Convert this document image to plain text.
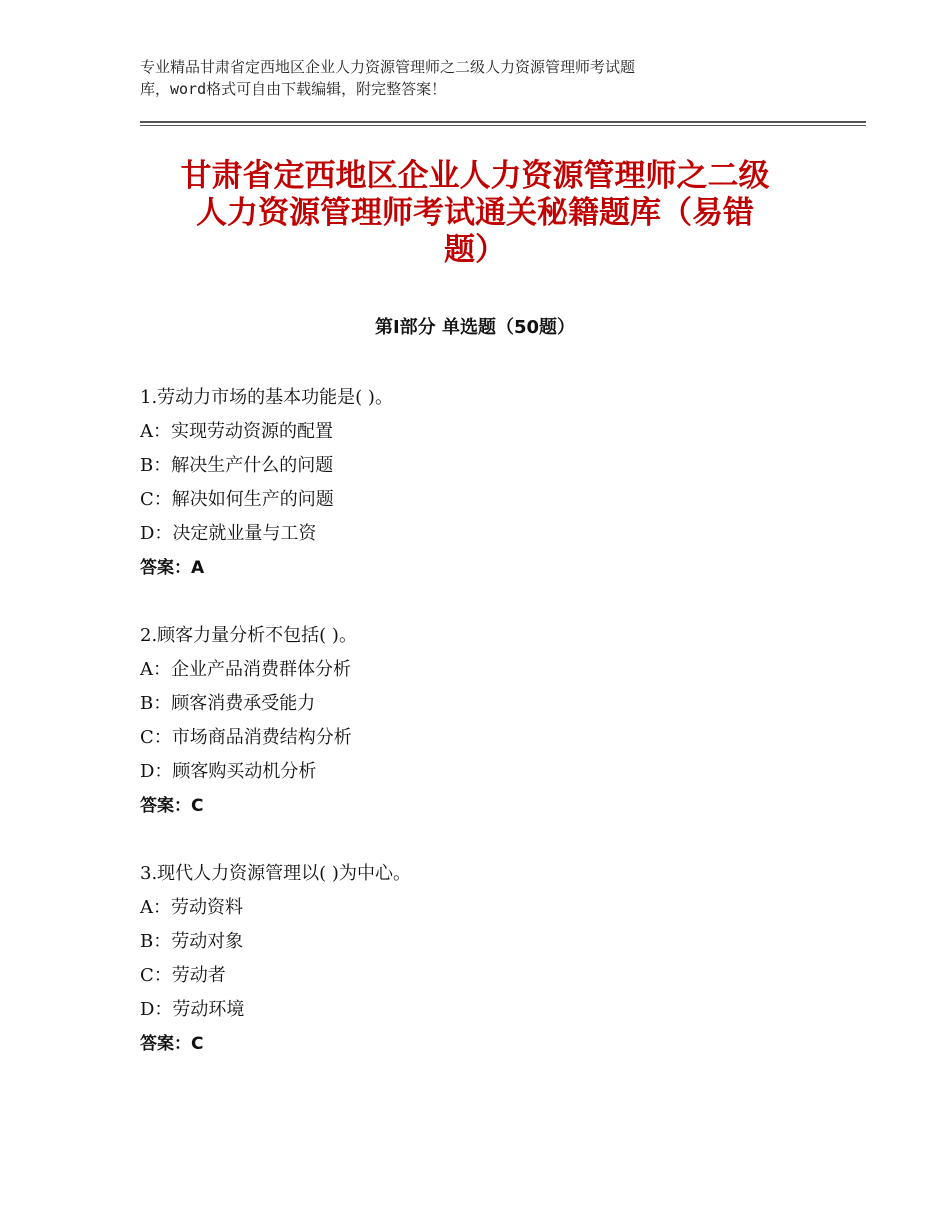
专业精品甘肃省定西地区企业人力资源管理师之二级人力资源管理师考试题
库，word格式可自由下载编辑，附完整答案！
甘肃省定西地区企业人力资源管理师之二级
人力资源管理师考试通关秘籍题库（易错
题）
第Ⅰ部分 单选题（50题）
1.劳动力市场的基本功能是( )。
A：实现劳动资源的配置
B：解决生产什么的问题
C：解决如何生产的问题
D：决定就业量与工资
答案：A
2.顾客力量分析不包括( )。
A：企业产品消费群体分析
B：顾客消费承受能力
C：市场商品消费结构分析
D：顾客购买动机分析
答案：C
3.现代人力资源管理以( )为中心。
A：劳动资料
B：劳动对象
C：劳动者
D：劳动环境
答案：C
